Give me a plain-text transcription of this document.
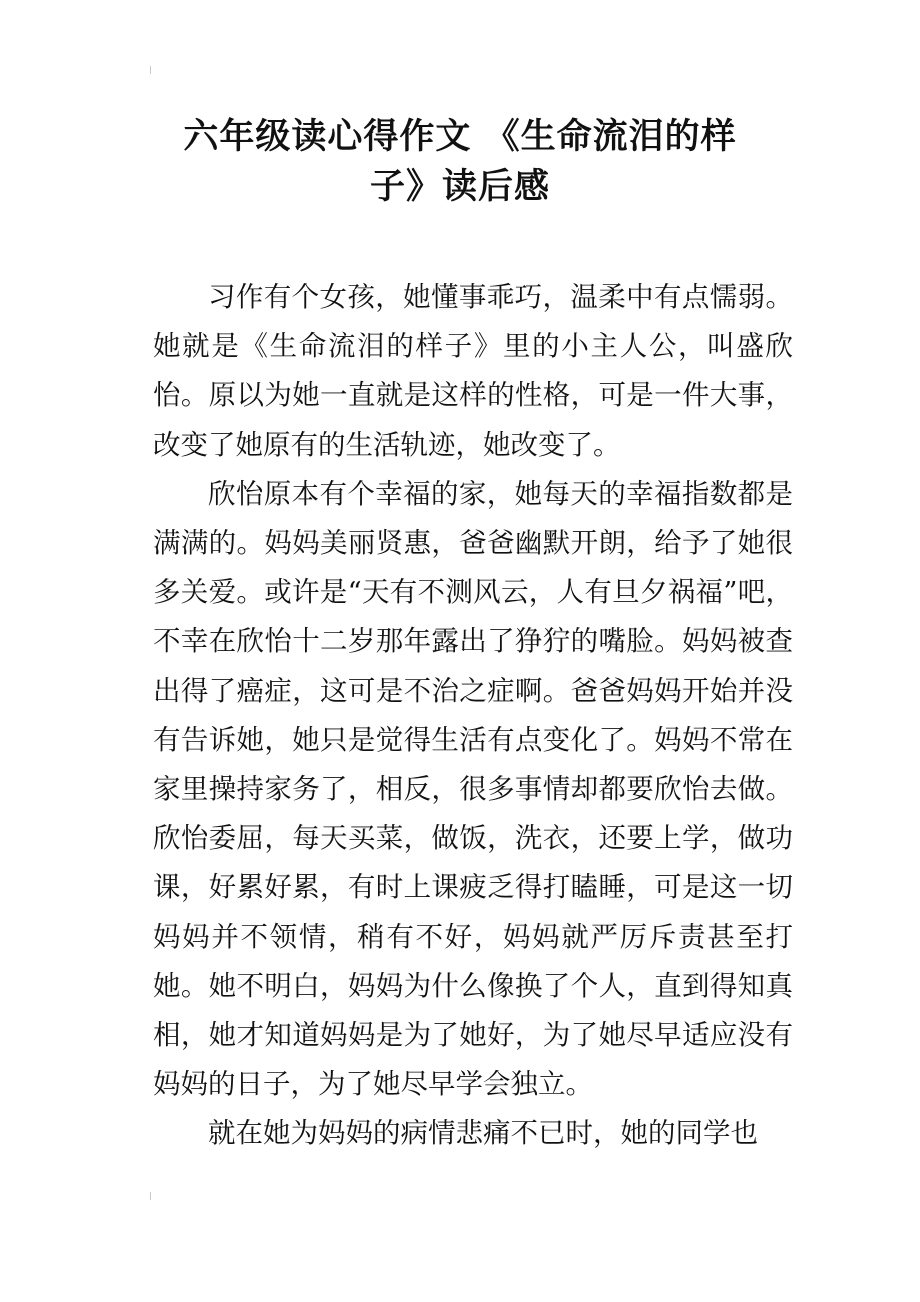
六年级读心得作文 《生命流泪的样
子》读后感

习作有个女孩，她懂事乖巧，温柔中有点懦弱。她就是《生命流泪的样子》里的小主人公，叫盛欣怡。原以为她一直就是这样的性格，可是一件大事，改变了她原有的生活轨迹，她改变了。

欣怡原本有个幸福的家，她每天的幸福指数都是满满的。妈妈美丽贤惠，爸爸幽默开朗，给予了她很多关爱。或许是“天有不测风云，人有旦夕祸福”吧，不幸在欣怡十二岁那年露出了狰狞的嘴脸。妈妈被查出得了癌症，这可是不治之症啊。爸爸妈妈开始并没有告诉她，她只是觉得生活有点变化了。妈妈不常在家里操持家务了，相反，很多事情却都要欣怡去做。欣怡委屈，每天买菜，做饭，洗衣，还要上学，做功课，好累好累，有时上课疲乏得打瞌睡，可是这一切妈妈并不领情，稍有不好，妈妈就严厉斥责甚至打她。她不明白，妈妈为什么像换了个人，直到得知真相，她才知道妈妈是为了她好，为了她尽早适应没有妈妈的日子，为了她尽早学会独立。

就在她为妈妈的病情悲痛不已时，她的同学也
